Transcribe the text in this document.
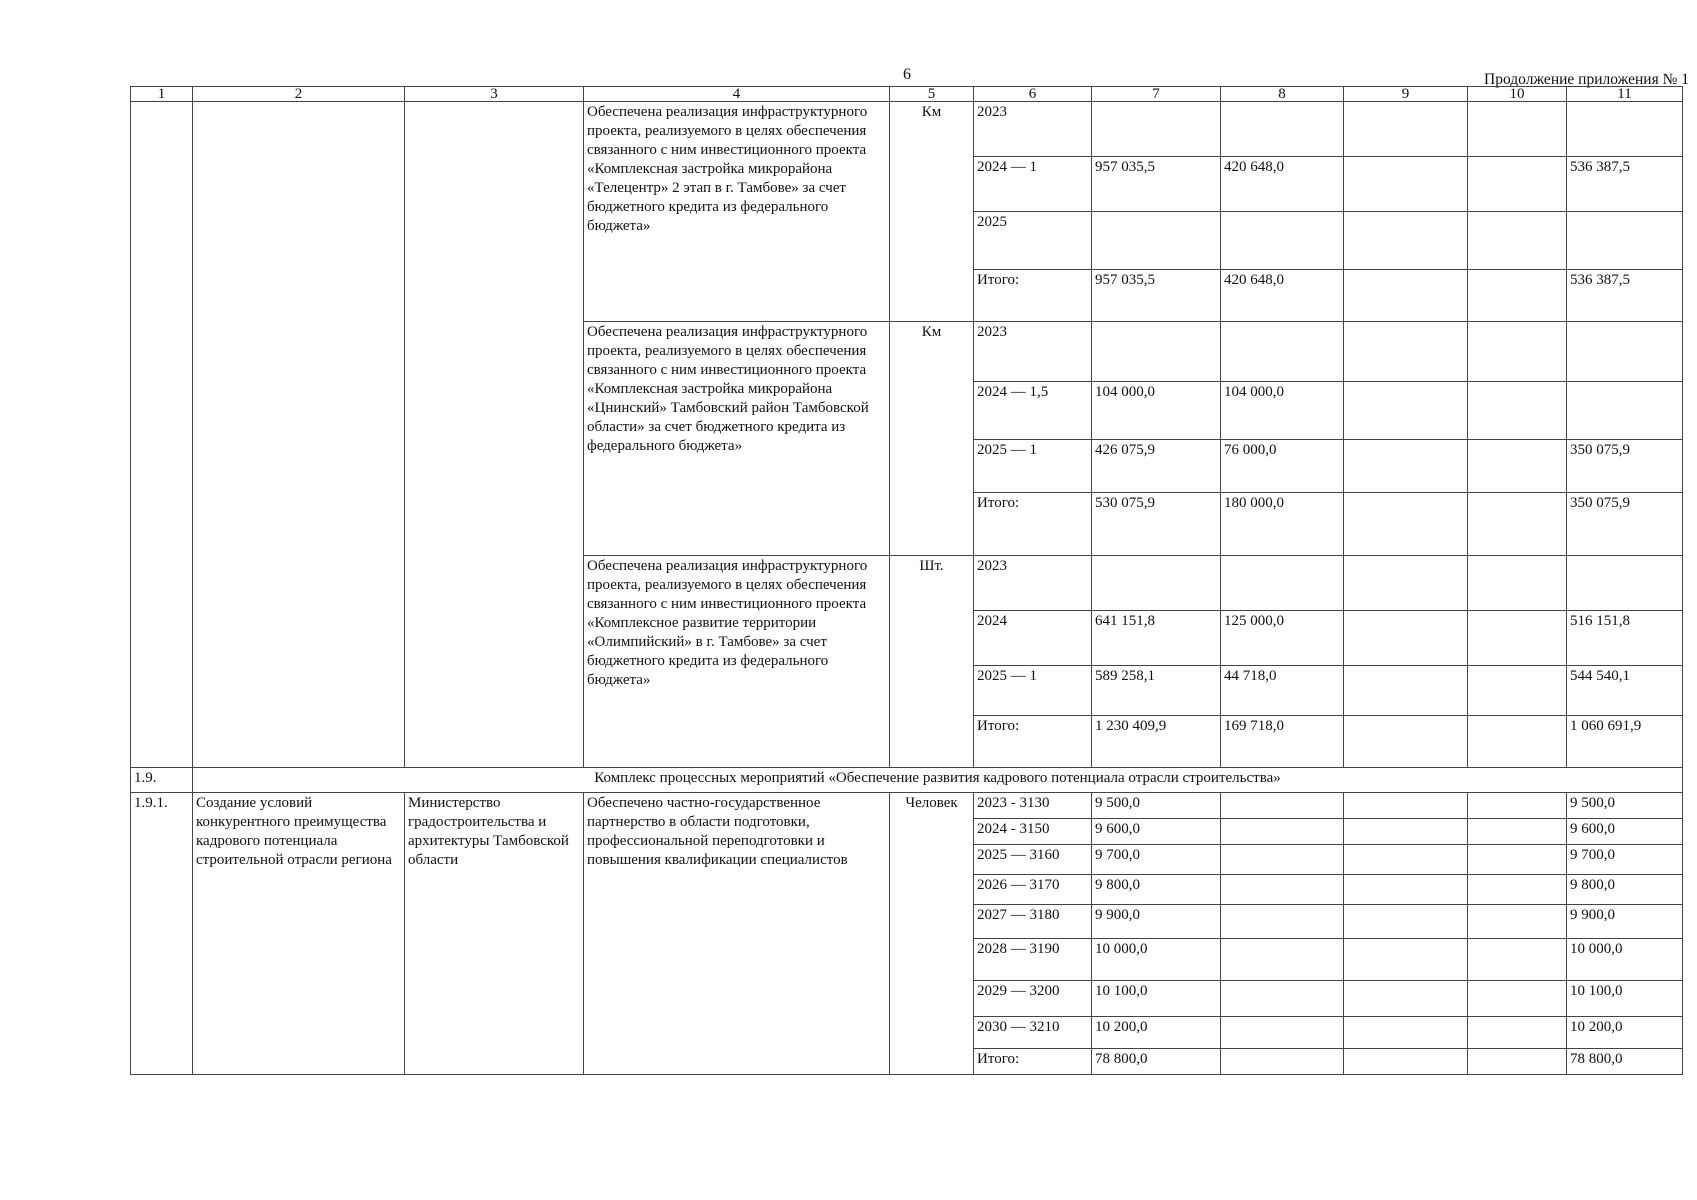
6	Продолжение приложения № 1
1	2	3	4	5	6	7	8	9	10	11
			Обеспечена реализация инфраструктурного проекта, реализуемого в целях обеспечения связанного с ним инвестиционного проекта «Комплексная застройка микрорайона «Телецентр» 2 этап в г. Тамбове» за счет бюджетного кредита из федерального бюджета»	Км	2023					
					2024 — 1	957 035,5	420 648,0			536 387,5
					2025					
					Итого:	957 035,5	420 648,0			536 387,5
			Обеспечена реализация инфраструктурного проекта, реализуемого в целях обеспечения связанного с ним инвестиционного проекта «Комплексная застройка микрорайона «Цнинский» Тамбовский район Тамбовской области» за счет бюджетного кредита из федерального бюджета»	Км	2023					
					2024 — 1,5	104 000,0	104 000,0			
					2025 — 1	426 075,9	76 000,0			350 075,9
					Итого:	530 075,9	180 000,0			350 075,9
			Обеспечена реализация инфраструктурного проекта, реализуемого в целях обеспечения связанного с ним инвестиционного проекта «Комплексное развитие территории «Олимпийский» в г. Тамбове» за счет бюджетного кредита из федерального бюджета»	Шт.	2023					
					2024	641 151,8	125 000,0			516 151,8
					2025 — 1	589 258,1	44 718,0			544 540,1
					Итого:	1 230 409,9	169 718,0			1 060 691,9
1.9.	Комплекс процессных мероприятий «Обеспечение развития кадрового потенциала отрасли строительства»									
1.9.1.	Создание условий конкурентного преимущества кадрового потенциала строительной отрасли региона	Министерство градостроительства и архитектуры Тамбовской области	Обеспечено частно-государственное партнерство в области подготовки, профессиональной переподготовки и повышения квалификации специалистов	Человек	2023 - 3130	9 500,0				9 500,0
					2024 - 3150	9 600,0				9 600,0
					2025 — 3160	9 700,0				9 700,0
					2026 — 3170	9 800,0				9 800,0
					2027 — 3180	9 900,0				9 900,0
					2028 — 3190	10 000,0				10 000,0
					2029 — 3200	10 100,0				10 100,0
					2030 — 3210	10 200,0				10 200,0
					Итого:	78 800,0				78 800,0
